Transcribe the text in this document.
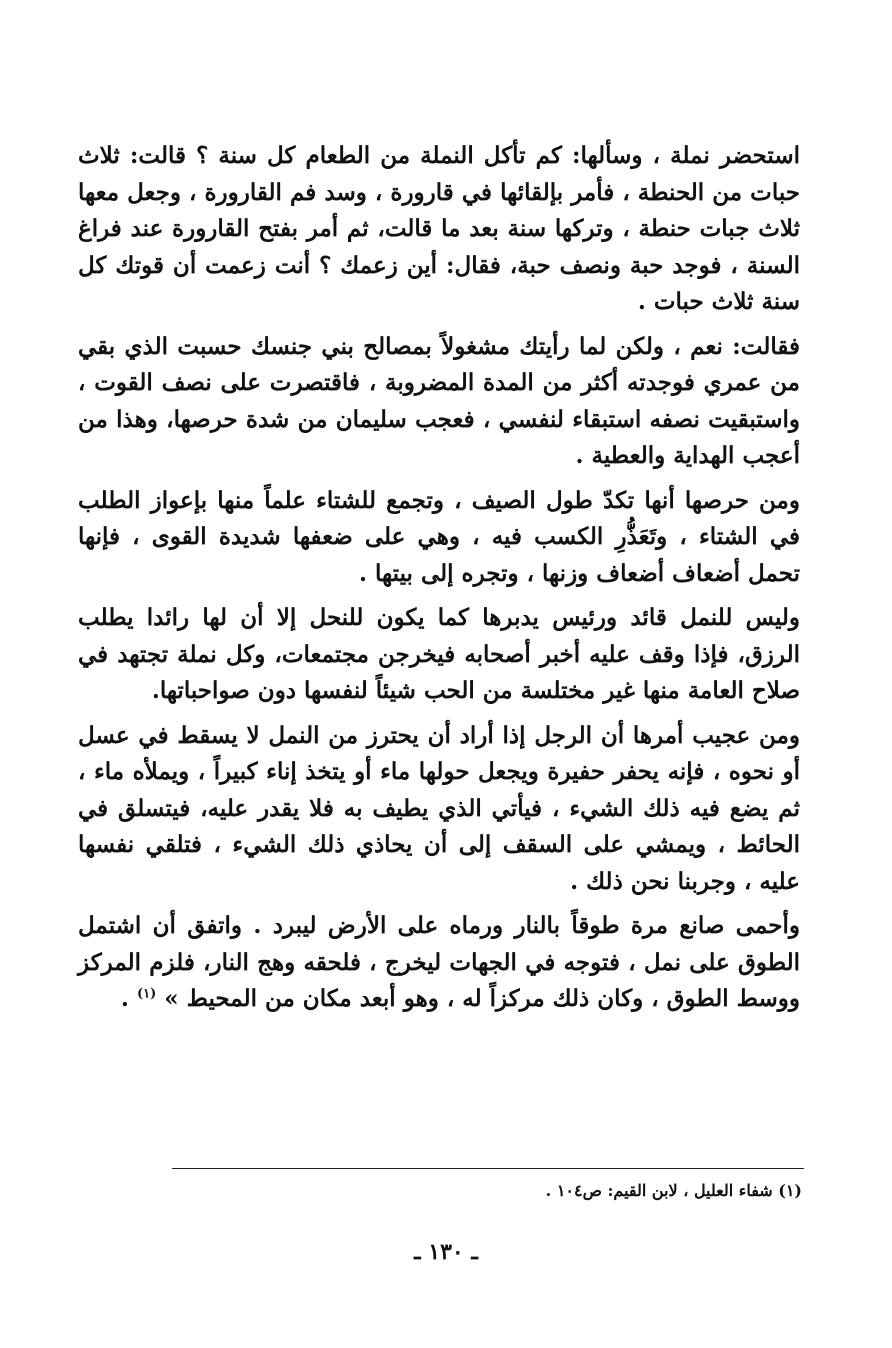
استحضر نملة ، وسألها: كم تأكل النملة من الطعام كل سنة ؟ قالت: ثلاث حبات من الحنطة ، فأمر بإلقائها في قارورة ، وسد فم القارورة ، وجعل معها ثلاث جبات حنطة ، وتركها سنة بعد ما قالت، ثم أمر بفتح القارورة عند فراغ السنة ، فوجد حبة ونصف حبة، فقال: أين زعمك ؟ أنت زعمت أن قوتك كل سنة ثلاث حبات .

فقالت: نعم ، ولكن لما رأيتك مشغولاً بمصالح بني جنسك حسبت الذي بقي من عمري فوجدته أكثر من المدة المضروبة ، فاقتصرت على نصف القوت ، واستبقيت نصفه استبقاء لنفسي ، فعجب سليمان من شدة حرصها، وهذا من أعجب الهداية والعطية .

ومن حرصها أنها تكدّ طول الصيف ، وتجمع للشتاء علماً منها بإعواز الطلب في الشتاء ، وتَعَذُّرِ الكسب فيه ، وهي على ضعفها شديدة القوى ، فإنها تحمل أضعاف أضعاف وزنها ، وتجره إلى بيتها .

وليس للنمل قائد ورئيس يدبرها كما يكون للنحل إلا أن لها رائدا يطلب الرزق، فإذا وقف عليه أخبر أصحابه فيخرجن مجتمعات، وكل نملة تجتهد في صلاح العامة منها غير مختلسة من الحب شيئاً لنفسها دون صواحباتها.

ومن عجيب أمرها أن الرجل إذا أراد أن يحترز من النمل لا يسقط في عسل أو نحوه ، فإنه يحفر حفيرة ويجعل حولها ماء أو يتخذ إناء كبيراً ، ويملأه ماء ، ثم يضع فيه ذلك الشيء ، فيأتي الذي يطيف به فلا يقدر عليه، فيتسلق في الحائط ، ويمشي على السقف إلى أن يحاذي ذلك الشيء ، فتلقي نفسها عليه ، وجربنا نحن ذلك .

وأحمى صانع مرة طوقاً بالنار ورماه على الأرض ليبرد . واتفق أن اشتمل الطوق على نمل ، فتوجه في الجهات ليخرج ، فلحقه وهج النار، فلزم المركز ووسط الطوق ، وكان ذلك مركزاً له ، وهو أبعد مكان من المحيط » $^{(١)}$ .

(١) شفاء العليل ، لابن القيم: ص١٠٤ .
ـ ١٣٠ ـ
